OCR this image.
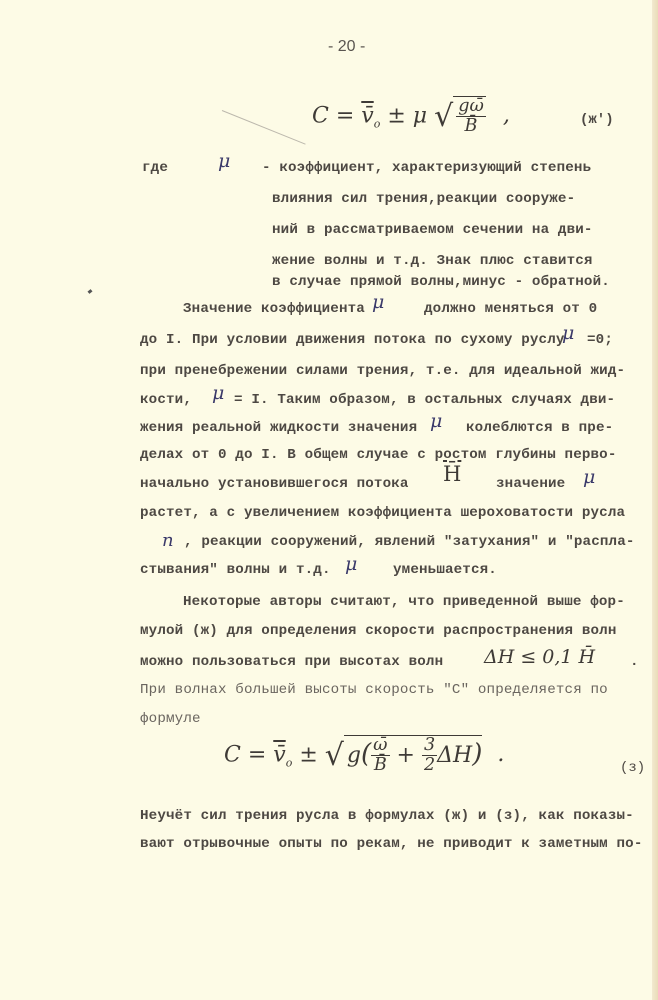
- 20 -
$C = v̄_o \pm \mu$ √ $\frac{g\omegā}{B̄}$ ,	(ж')
где	μ - коэффициент, характеризующий степень
влияния сил трения,реакции сооруже-
ний в рассматриваемом сечении на дви-
жение волны и т.д. Знак плюс ставится
в случае прямой волны,минус - обратной.
Значение коэффициента μ	должно меняться от 0
до I. При условии движения потока по сухому руслу
μ =0;
при пренебрежении силами трения, т.е. для идеальной жид-
кости, μ = I. Таким образом, в остальных случаях дви-
жения реальной жидкости значения μ колеблются в пре-
делах от 0 до I. В общем случае с ростом глубины перво-
начально установившегося потока H̄ значение μ
растет, а с увеличением коэффициента шероховатости русла
n , реакции сооружений, явлений "затухания" и "распла-
стывания" волны и т.д. μ	уменьшается.
Некоторые авторы считают, что приведенной выше фор-
мулой (ж) для определения скорости распространения волн
можно пользоваться при высотах волн ΔH ≤ 0,1 H̄ .
При волнах большей высоты скорость "C" определяется по
формуле
$C = v̄_o$ ± √ $g( \frac{\omegā}{B̄} + \frac{3}{2} \Delta H)$ .
(з)
Неучёт сил трения русла в формулах (ж) и (з), как показы-
вают отрывочные опыты по рекам, не приводит к заметным по-
